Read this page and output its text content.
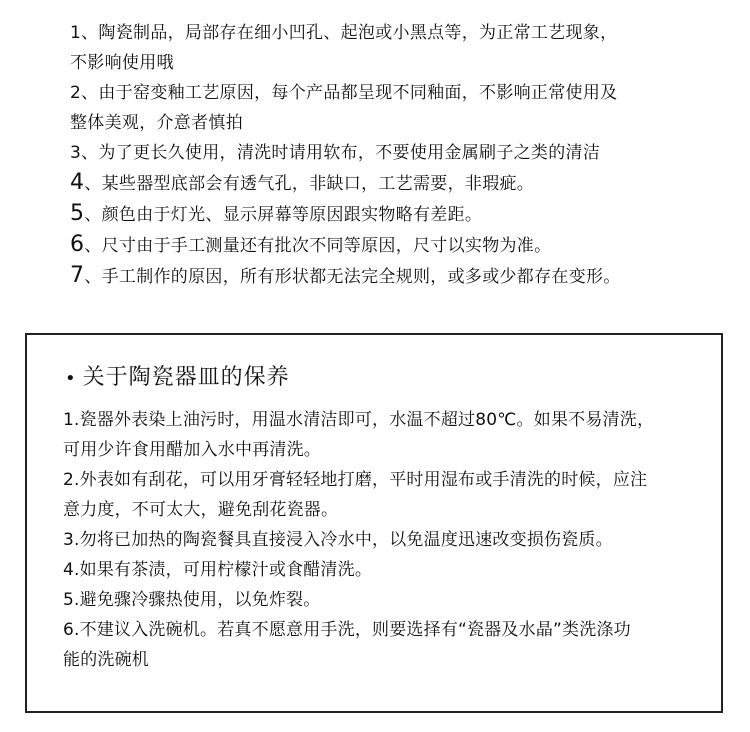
1、陶瓷制品，局部存在细小凹孔、起泡或小黑点等，为正常工艺现象，
不影响使用哦
2、由于窑变釉工艺原因，每个产品都呈现不同釉面，不影响正常使用及
整体美观，介意者慎拍
3、为了更长久使用，清洗时请用软布，不要使用金属刷子之类的清洁
4、某些器型底部会有透气孔，非缺口，工艺需要，非瑕疵。
5、颜色由于灯光、显示屏幕等原因跟实物略有差距。
6、尺寸由于手工测量还有批次不同等原因，尺寸以实物为准。
7、手工制作的原因，所有形状都无法完全规则，或多或少都存在变形。
• 关于陶瓷器皿的保养
1.瓷器外表染上油污时，用温水清洁即可，水温不超过80℃。如果不易清洗，
可用少许食用醋加入水中再清洗。
2.外表如有刮花，可以用牙膏轻轻地打磨，平时用湿布或手清洗的时候，应注
意力度，不可太大，避免刮花瓷器。
3.勿将已加热的陶瓷餐具直接浸入冷水中，以免温度迅速改变损伤瓷质。
4.如果有茶渍，可用柠檬汁或食醋清洗。
5.避免骤冷骤热使用，以免炸裂。
6.不建议入洗碗机。若真不愿意用手洗，则要选择有“瓷器及水晶”类洗涤功
能的洗碗机
